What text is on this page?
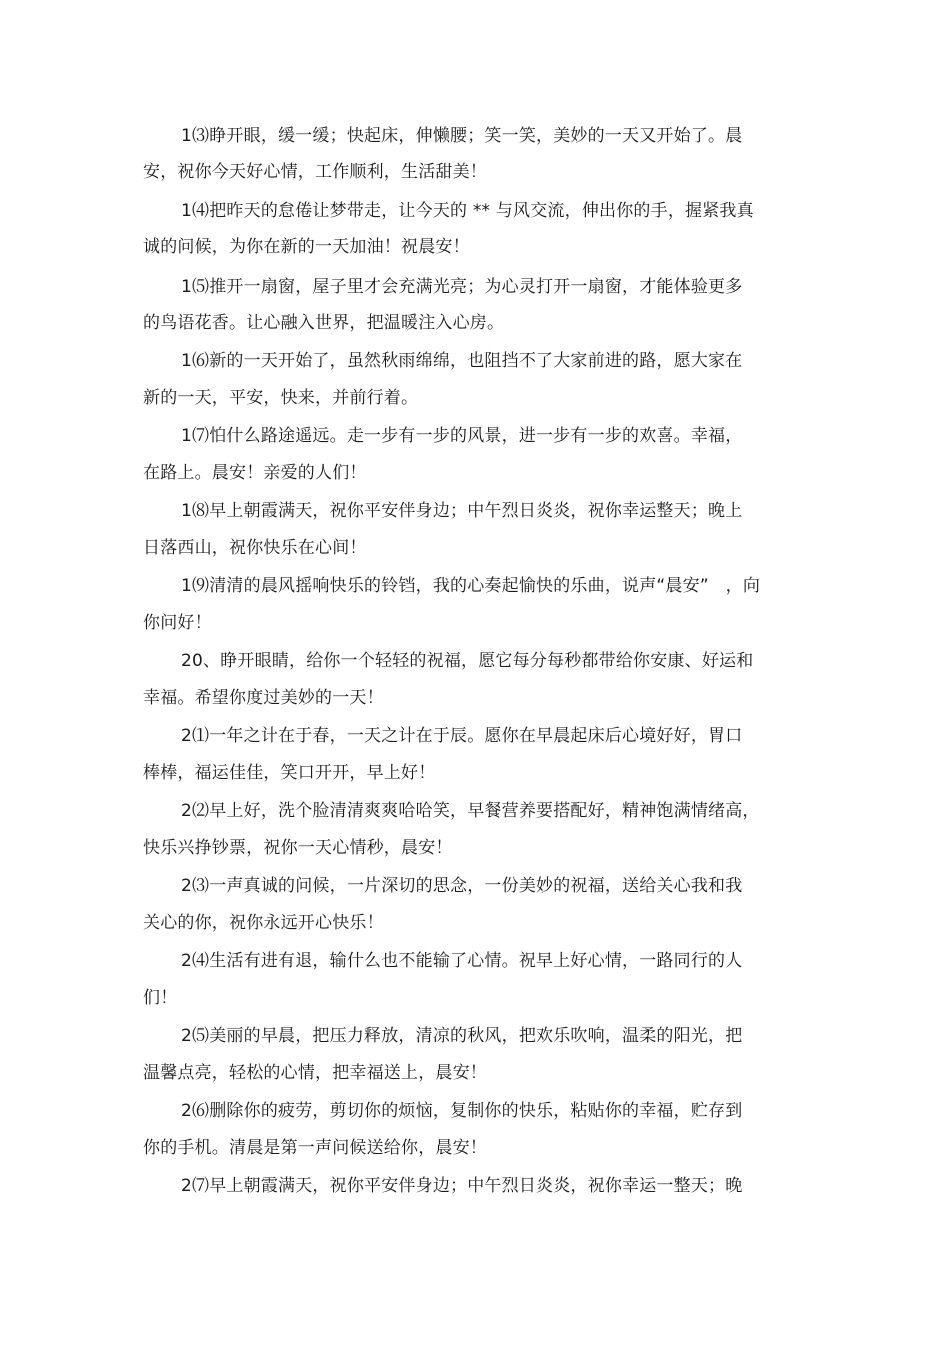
1⑶睁开眼，缓一缓；快起床，伸懒腰；笑一笑，美妙的一天又开始了。晨
安，祝你今天好心情，工作顺利，生活甜美！
1⑷把昨天的怠倦让梦带走，让今天的 ** 与风交流，伸出你的手，握紧我真
诚的问候，为你在新的一天加油！祝晨安！
1⑸推开一扇窗，屋子里才会充满光亮；为心灵打开一扇窗，才能体验更多
的鸟语花香。让心融入世界，把温暖注入心房。
1⑹新的一天开始了，虽然秋雨绵绵，也阻挡不了大家前进的路，愿大家在
新的一天，平安，快来，并前行着。
1⑺怕什么路途遥远。走一步有一步的风景，进一步有一步的欢喜。幸福，
在路上。晨安！亲爱的人们！
1⑻早上朝霞满天，祝你平安伴身边；中午烈日炎炎，祝你幸运整天；晚上
日落西山，祝你快乐在心间！
1⑼清清的晨风摇响快乐的铃铛，我的心奏起愉快的乐曲，说声“晨安”   ，向
你问好！
20、睁开眼睛，给你一个轻轻的祝福，愿它每分每秒都带给你安康、好运和
幸福。希望你度过美妙的一天！
2⑴一年之计在于春，一天之计在于辰。愿你在早晨起床后心境好好，胃口
棒棒，福运佳佳，笑口开开，早上好！
2⑵早上好，洗个脸清清爽爽哈哈笑，早餐营养要搭配好，精神饱满情绪高，
快乐兴挣钞票，祝你一天心情秒，晨安！
2⑶一声真诚的问候，一片深切的思念，一份美妙的祝福，送给关心我和我
关心的你，祝你永远开心快乐！
2⑷生活有进有退，输什么也不能输了心情。祝早上好心情，一路同行的人
们！
2⑸美丽的早晨，把压力释放，清凉的秋风，把欢乐吹响，温柔的阳光，把
温馨点亮，轻松的心情，把幸福送上，晨安！
2⑹删除你的疲劳，剪切你的烦恼，复制你的快乐，粘贴你的幸福，贮存到
你的手机。清晨是第一声问候送给你，晨安！
2⑺早上朝霞满天，祝你平安伴身边；中午烈日炎炎，祝你幸运一整天；晚
